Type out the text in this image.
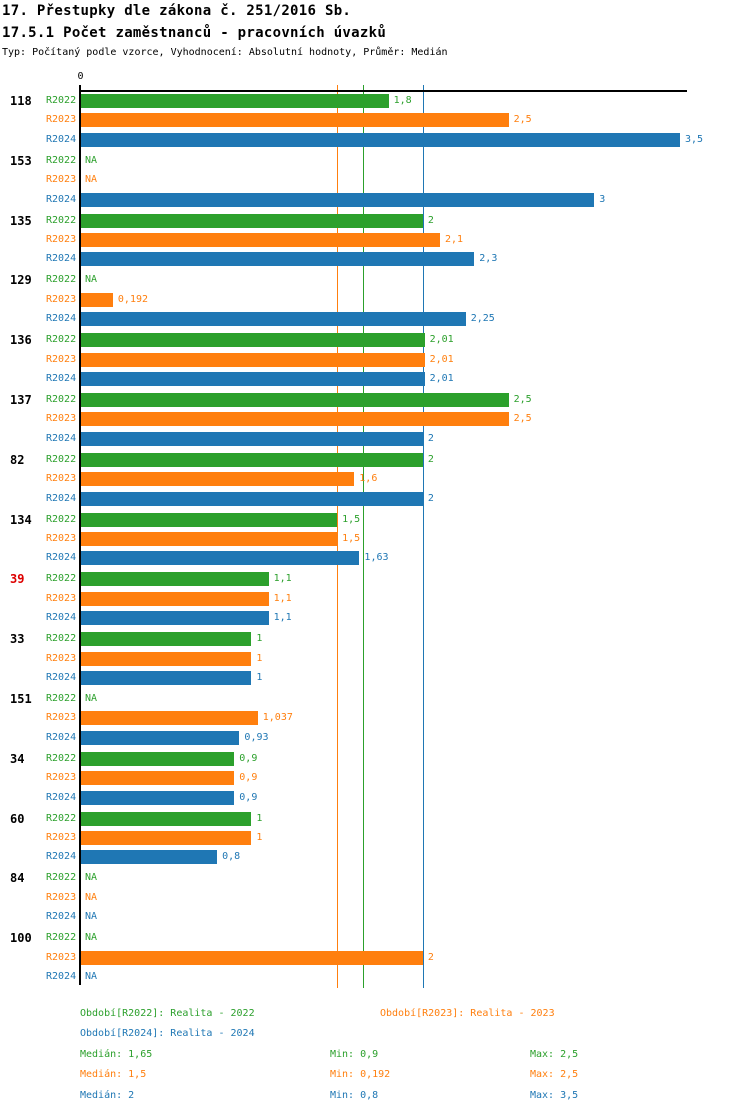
17. Přestupky dle zákona č. 251/2016 Sb.
17.5.1 Počet zaměstnanců - pracovních úvazků
Typ: Počítaný podle vzorce, Vyhodnocení: Absolutní hodnoty, Průměr: Medián
0
118 R2022	1,8
R2023	2,5
R2024	3,5
153 R2022 NA
R2023 NA
R2024	3
135 R2022	2
R2023	2,1
R2024	2,3
129 R2022 NA
R2023	0,192
R2024	2,25
136 R2022	2,01
R2023	2,01
R2024	2,01
137 R2022	2,5
R2023	2,5
R2024	2
82 R2022	2
R2023	1,6
R2024	2
134 R2022	1,5
R2023	1,5
R2024	1,63
39 R2022	1,1
R2023	1,1
R2024	1,1
33 R2022	1
R2023	1
R2024	1
151 R2022 NA
R2023	1,037
R2024	0,93
34 R2022	0,9
R2023	0,9
R2024	0,9
60 R2022	1
R2023	1
R2024	0,8
84 R2022 NA
R2023 NA
R2024 NA
100 R2022 NA
R2023	2
R2024 NA
Období[R2022]: Realita - 2022	Období[R2023]: Realita - 2023
Období[R2024]: Realita - 2024
Medián: 1,65	Min: 0,9	Max: 2,5
Medián: 1,5	Min: 0,192	Max: 2,5
Medián: 2	Min: 0,8	Max: 3,5
